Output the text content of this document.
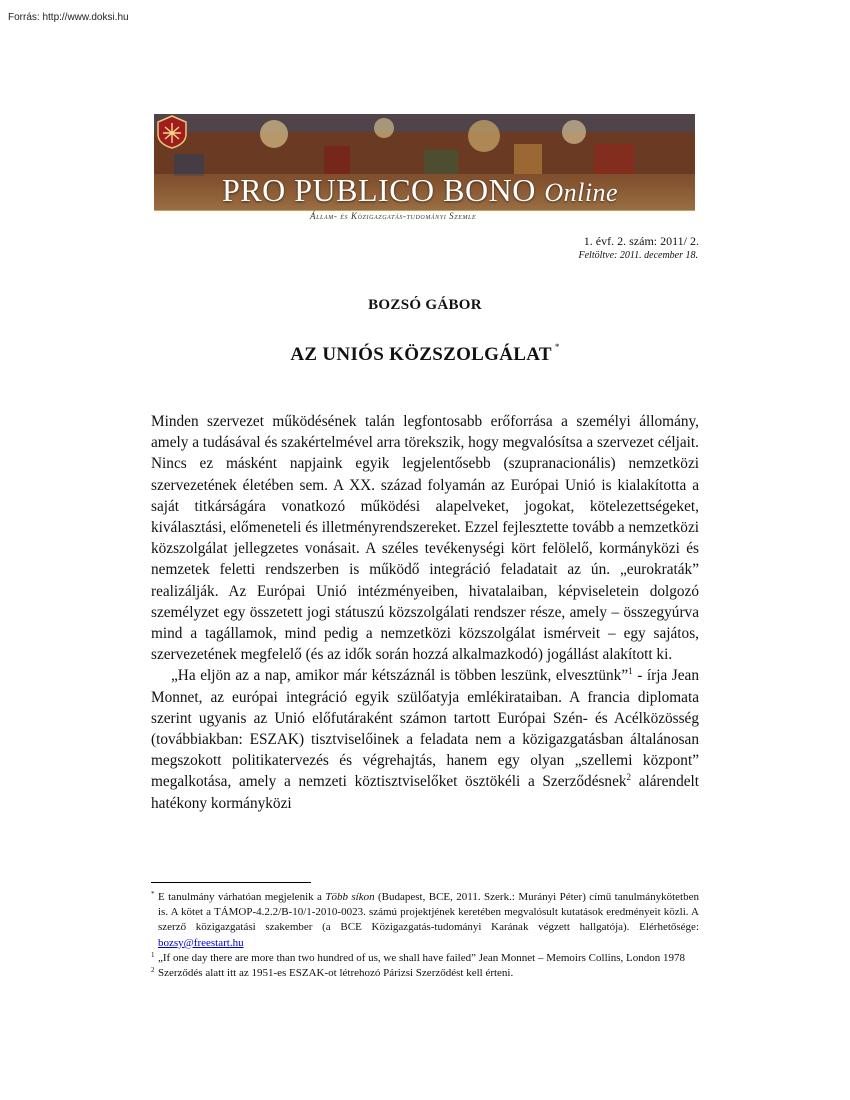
Forrás: http://www.doksi.hu
PRO PUBLICO BONO Online
Állam- és Közigazgatás-tudományi Szemle
1. évf. 2. szám: 2011/ 2.
Feltöltve: 2011. december 18.
BOZSÓ GÁBOR
AZ UNIÓS KÖZSZOLGÁLAT *

Minden szervezet működésének talán legfontosabb erőforrása a személyi állomány, amely a tudásával és szakértelmével arra törekszik, hogy megvalósítsa a szervezet céljait. Nincs ez másként napjaink egyik legjelentősebb (szupranacionális) nemzetközi szervezetének életében sem. A XX. század folyamán az Európai Unió is kialakította a saját titkárságára vonatkozó működési alapelveket, jogokat, kötelezettségeket, kiválasztási, előmeneteli és illetményrendszereket. Ezzel fejlesztette tovább a nemzetközi közszolgálat jellegzetes vonásait. A széles tevékenységi kört felölelő, kormányközi és nemzetek feletti rendszerben is működő integráció feladatait az ún. „eurokraták” realizálják. Az Európai Unió intézményeiben, hivatalaiban, képviseletein dolgozó személyzet egy összetett jogi státuszú közszolgálati rendszer része, amely – összegyúrva mind a tagállamok, mind pedig a nemzetközi közszolgálat ismérveit – egy sajátos, szervezetének megfelelő (és az idők során hozzá alkalmazkodó) jogállást alakított ki.

„Ha eljön az a nap, amikor már kétszáznál is többen leszünk, elvesztünk”$^1$ - írja Jean Monnet, az európai integráció egyik szülőatyja emlékirataiban. A francia diplomata szerint ugyanis az Unió előfutáraként számon tartott Európai Szén- és Acélközösség (továbbiakban: ESZAK) tisztviselőinek a feladata nem a közigazgatásban általánosan megszokott politikatervezés és végrehajtás, hanem egy olyan „szellemi központ” megalkotása, amely a nemzeti köztisztviselőket ösztökéli a Szerződésnek$^2$ alárendelt hatékony kormányközi

* E tanulmány várhatóan megjelenik a Több síkon (Budapest, BCE, 2011. Szerk.: Murányi Péter) című tanulmánykötetben is. A kötet a TÁMOP-4.2.2/B-10/1-2010-0023. számú projektjének keretében megvalósult kutatások eredményeit közli. A szerző közigazgatási szakember (a BCE Közigazgatás-tudományi Karának végzett hallgatója). Elérhetősége: bozsy@freestart.hu
1 „If one day there are more than two hundred of us, we shall have failed” Jean Monnet – Memoirs Collins, London 1978
2 Szerződés alatt itt az 1951-es ESZAK-ot létrehozó Párizsi Szerződést kell érteni.
